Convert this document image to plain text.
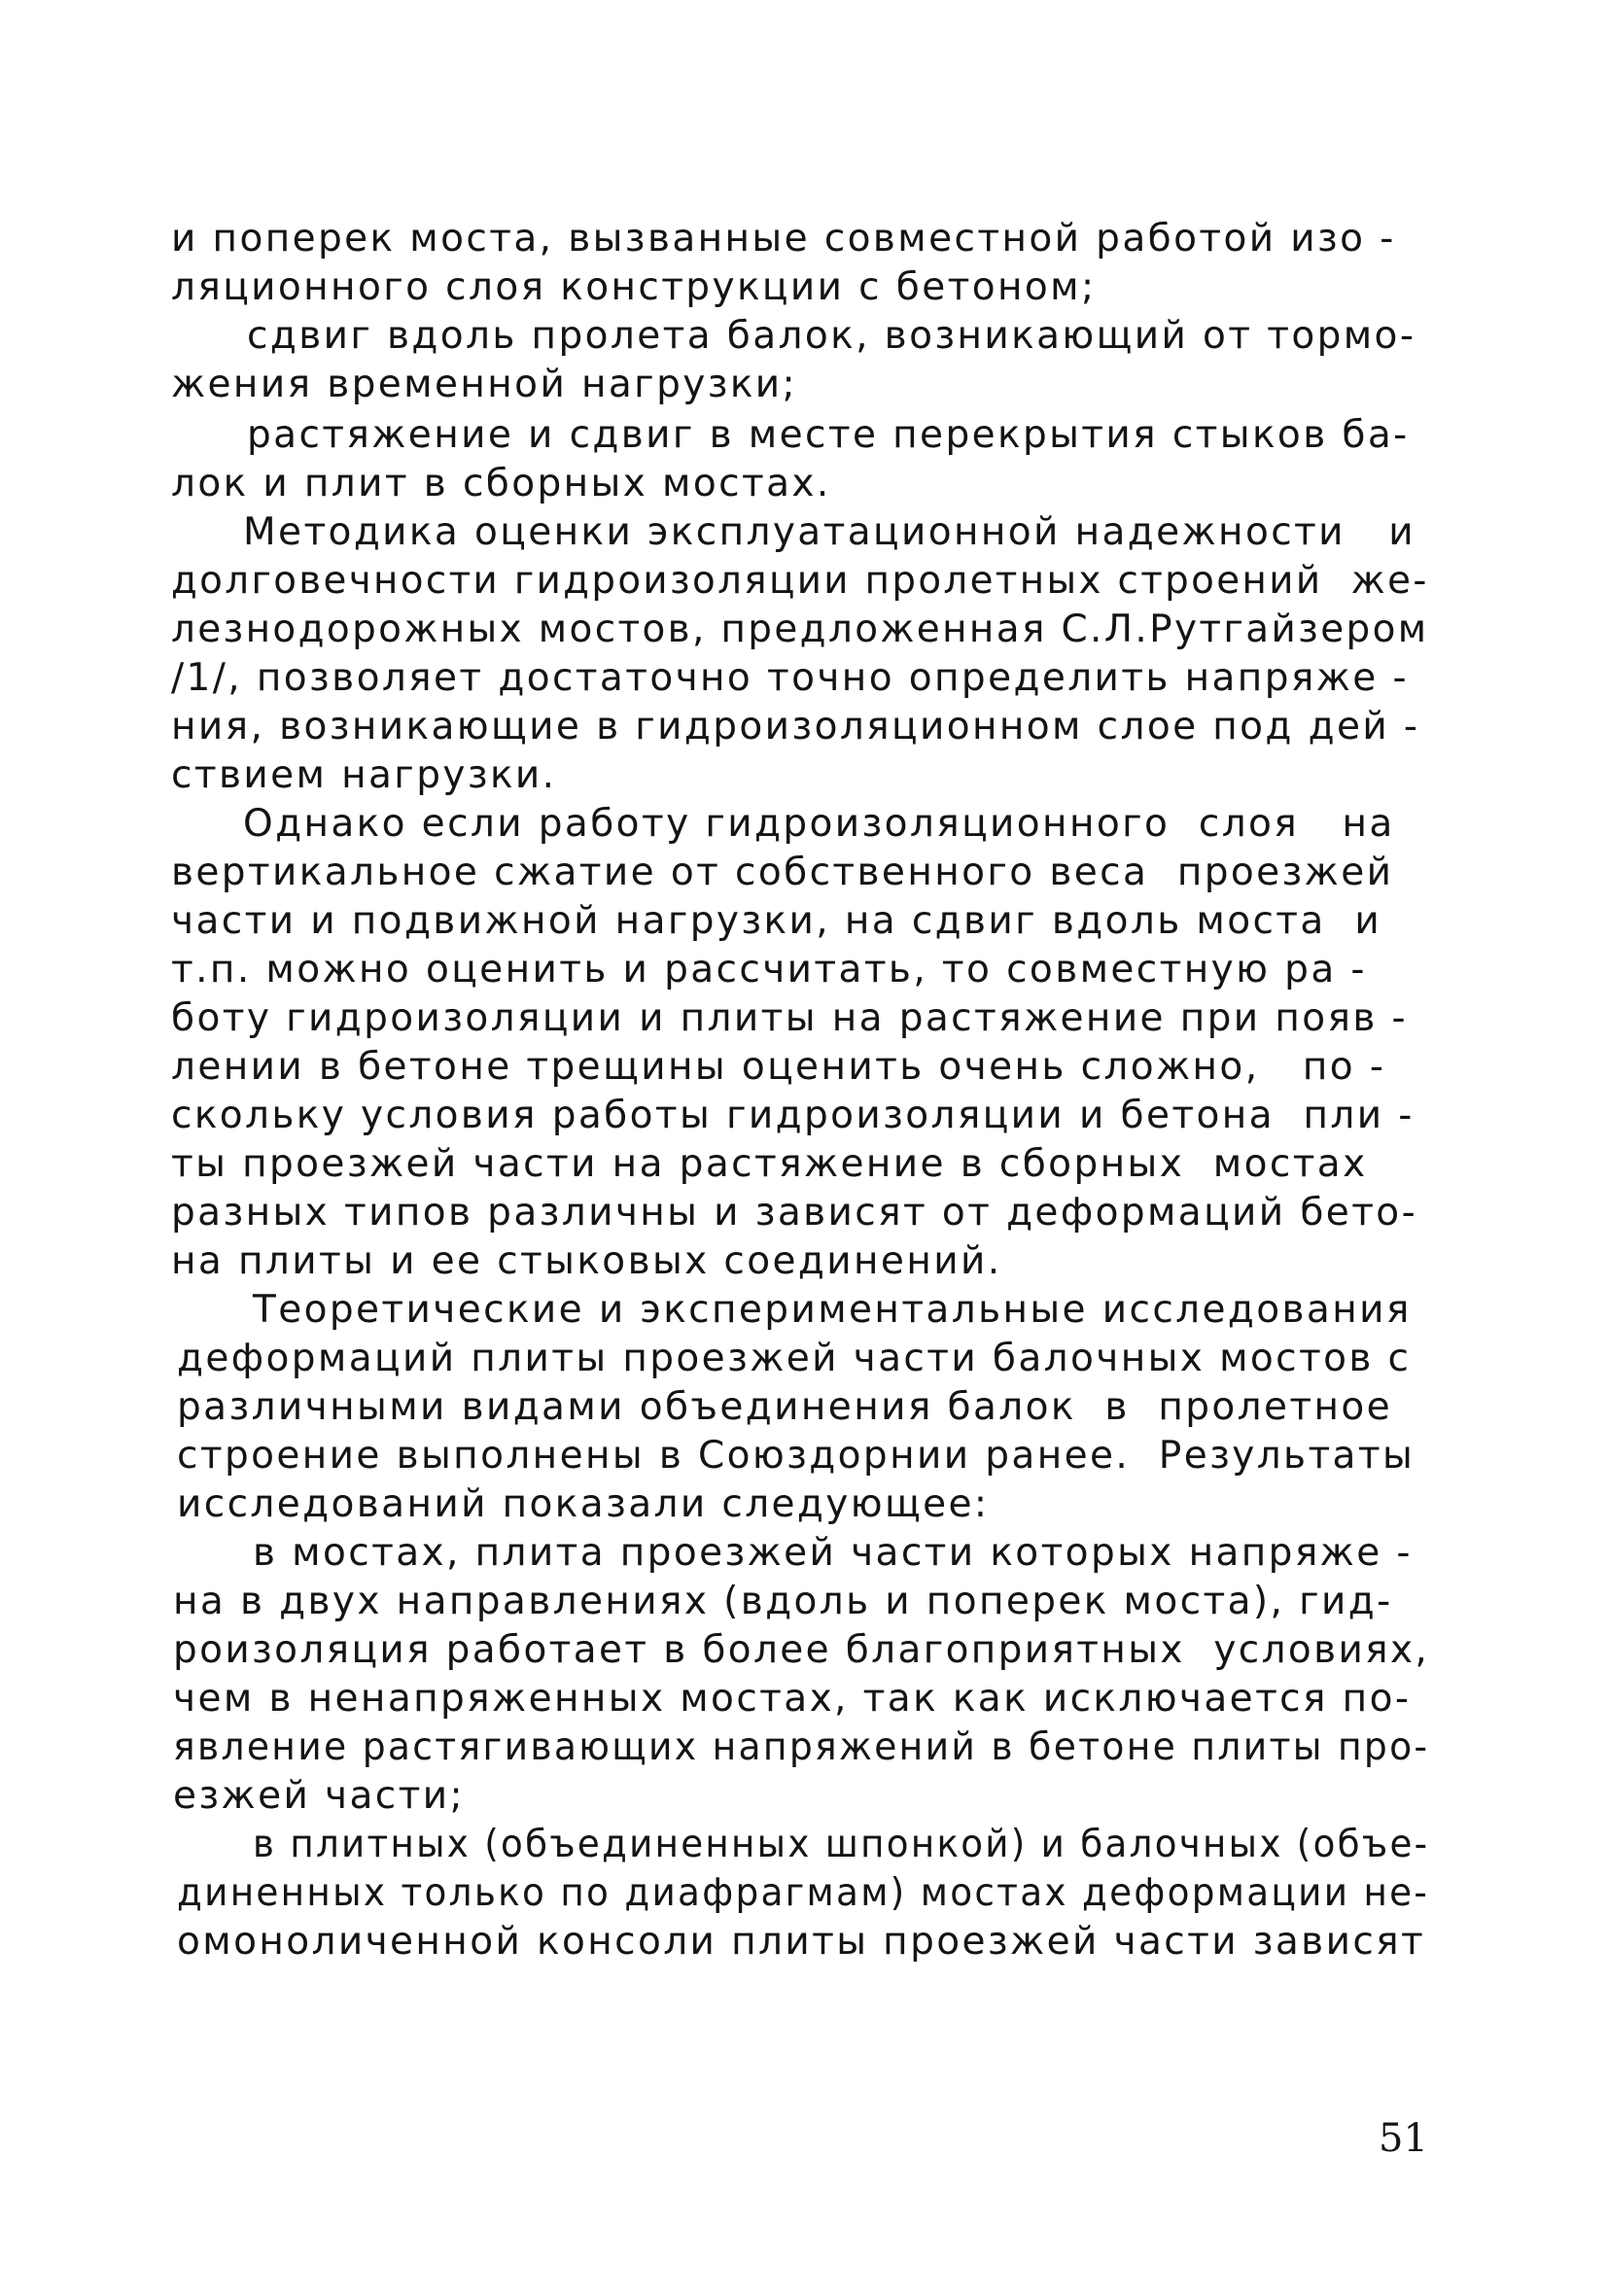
и поперек моста, вызванные совместной работой изо -

ляционного слоя конструкции с бетоном;

сдвиг вдоль пролета балок, возникающий от тормо-

жения временной нагрузки;

растяжение и сдвиг в месте перекрытия стыков ба-

лок и плит в сборных мостах.

Методика оценки эксплуатационной надежности   и

долговечности гидроизоляции пролетных строений  же-

лезнодорожных мостов, предложенная С.Л.Рутгайзером

/1/, позволяет достаточно точно определить напряже -

ния, возникающие в гидроизоляционном слое под дей -

ствием нагрузки.

Однако если работу гидроизоляционного  слоя   на

вертикальное сжатие от собственного веса  проезжей

части и подвижной нагрузки, на сдвиг вдоль моста  и

т.п. можно оценить и рассчитать, то совместную ра -

боту гидроизоляции и плиты на растяжение при появ -

лении в бетоне трещины оценить очень сложно,   по -

скольку условия работы гидроизоляции и бетона  пли -

ты проезжей части на растяжение в сборных  мостах

разных типов различны и зависят от деформаций бето-

на плиты и ее стыковых соединений.

Теоретические и экспериментальные исследования

деформаций плиты проезжей части балочных мостов с

различными видами объединения балок  в  пролетное

строение выполнены в Союздорнии ранее.  Результаты

исследований показали следующее:

в мостах, плита проезжей части которых напряже -

на в двух направлениях (вдоль и поперек моста), гид-

роизоляция работает в более благоприятных  условиях,

чем в ненапряженных мостах, так как исключается по-

явление растягивающих напряжений в бетоне плиты про-

езжей части;

в плитных (объединенных шпонкой) и балочных (объе-

диненных только по диафрагмам) мостах деформации не-

омоноличенной консоли плиты проезжей части зависят

51
